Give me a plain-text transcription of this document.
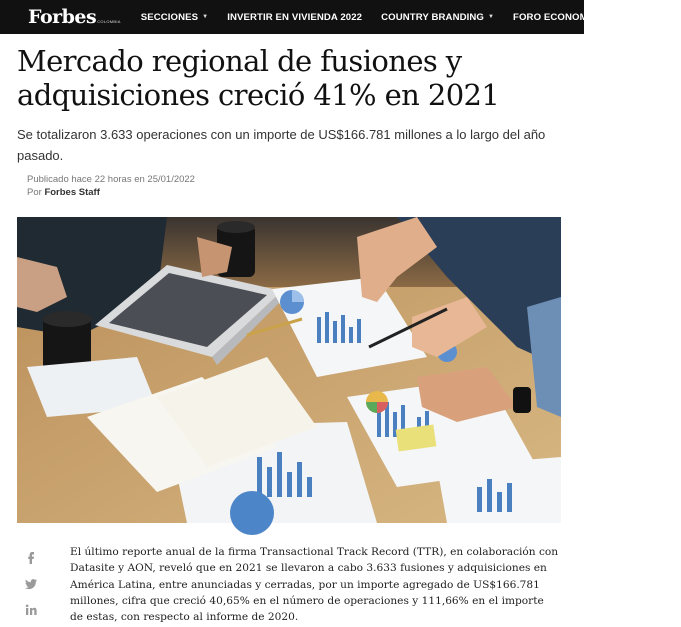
Forbes COLOMBIA SECCIONES ▼ INVERTIR EN VIVIENDA 2022 COUNTRY BRANDING ▼ FORO ECONOMÍA SOSTENIBLE
Mercado regional de fusiones y adquisiciones creció 41% en 2021

Se totalizaron 3.633 operaciones con un importe de US$166.781 millones a lo largo del año pasado.

Publicado hace 22 horas en 25/01/2022
Por Forbes Staff

El último reporte anual de la firma Transactional Track Record (TTR), en colaboración con Datasite y AON, reveló que en 2021 se llevaron a cabo 3.633 fusiones y adquisiciones en América Latina, entre anunciadas y cerradas, por un importe agregado de US$166.781 millones, cifra que creció 40,65% en el número de operaciones y 111,66% en el importe de estas, con respecto al informe de 2020.
